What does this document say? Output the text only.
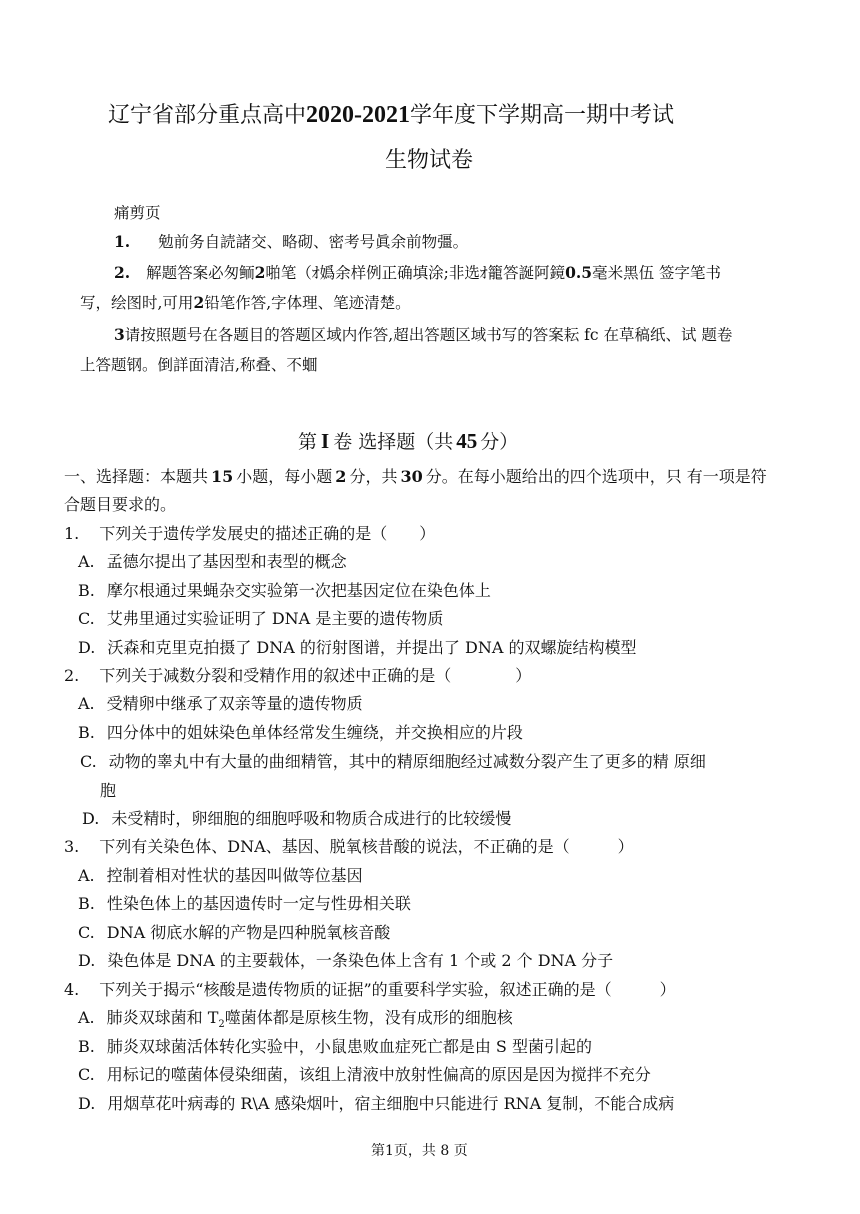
辽宁省部分重点高中2020-2021学年度下学期高一期中考试
生物试卷
痛剪页
1. 勉前务自読諸交、略砌、密考号眞余前物彊。
2. 解题答案必匆鲕2啪笔（ｵ嬀余样例正确填涂;非选ｵ籠答誕阿鏡0.5毫米黑伍 签字笔书
写，绘图时,可用2铅笔作答,字体理、笔迹清楚。
3请按照题号在各题目的答题区域内作答,超出答题区域书写的答案耘 fc 在草稿纸、试 题卷
上答题钢。倒詳面清洁,称叠、不蜖
第 I 卷 选择题（共 45 分）
一、选择题：本题共 15 小题，每小题 2 分，共 30 分。在每小题给出的四个选项中，只 有一项是符
合题目要求的。
1. 下列关于遗传学发展史的描述正确的是（　　）
A. 孟德尔提出了基因型和表型的概念
B. 摩尔根通过果蝇杂交实验第一次把基因定位在染色体上
C. 艾弗里通过实验证明了 DNA 是主要的遗传物质
D. 沃森和克里克拍摄了 DNA 的衍射图谱，并提出了 DNA 的双螺旋结构模型
2. 下列关于减数分裂和受精作用的叙述中正确的是（　　　　）
A. 受精卵中继承了双亲等量的遗传物质
B. 四分体中的姐妹染色单体经常发生缠绕，并交换相应的片段
C. 动物的睾丸中有大量的曲细精管，其中的精原细胞经过减数分裂产生了更多的精 原细
胞
D. 未受精时，卵细胞的细胞呼吸和物质合成进行的比较缓慢
3. 下列有关染色体、DNA、基因、脱氧核昔酸的说法，不正确的是（　　　）
A. 控制着相对性状的基因叫做等位基因
B. 性染色体上的基因遗传时一定与性毋相关联
C. DNA 彻底水解的产物是四种脱氧核音酸
D. 染色体是 DNA 的主要载体，一条染色体上含有 1 个或 2 个 DNA 分子
4. 下列关于揭示“核酸是遗传物质的证据”的重要科学实验，叙述正确的是（　　　）
A. 肺炎双球菌和 $T_2$噬菌体都是原核生物，没有成形的细胞核
B. 肺炎双球菌活体转化实验中，小鼠患败血症死亡都是由 S 型菌引起的
C. 用标记的噬菌体侵染细菌，该组上清液中放射性偏高的原因是因为搅拌不充分
D. 用烟草花叶病毒的 R\A 感染烟叶，宿主细胞中只能进行 RNA 复制，不能合成病
第1页，共 8 页
